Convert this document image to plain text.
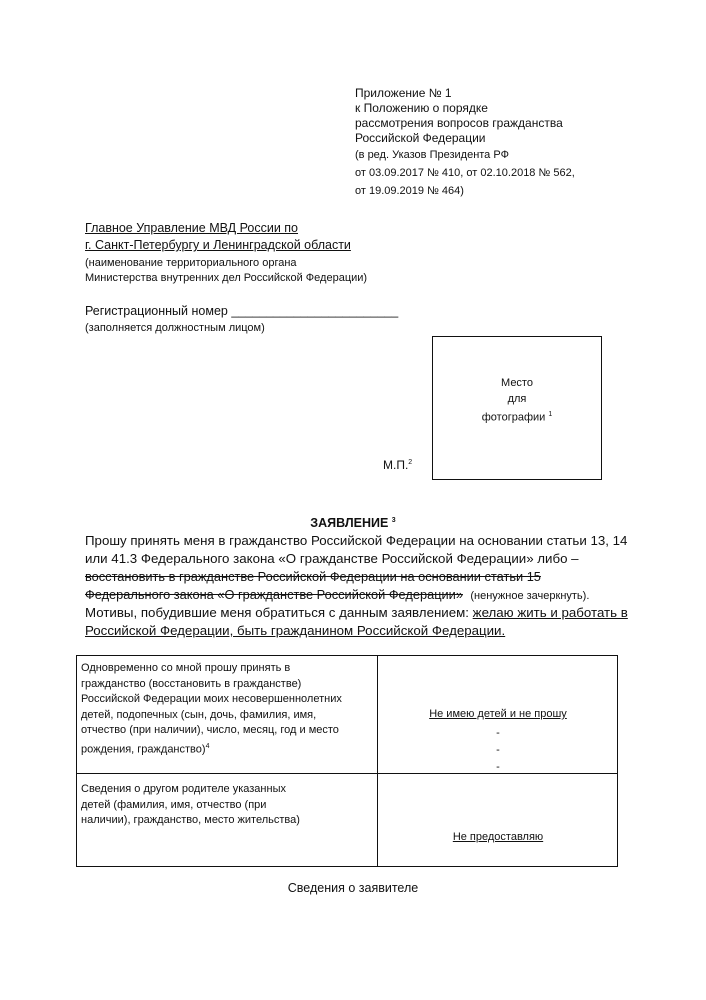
Приложение № 1
к Положению о порядке
рассмотрения вопросов гражданства
Российской Федерации
(в ред. Указов Президента РФ
от 03.09.2017 № 410, от 02.10.2018 № 562,
от 19.09.2019 № 464)
Главное Управление МВД России по
г. Санкт-Петербургу и Ленинградской области
(наименование территориального органа
Министерства внутренних дел Российской Федерации)
Регистрационный номер ________________________
(заполняется должностным лицом)
Место
для
фотографии $^1$
М.П.$^2$
ЗАЯВЛЕНИЕ $^3$
Прошу принять меня в гражданство Российской Федерации на основании статьи 13, 14
или 41.3 Федерального закона «О гражданстве Российской Федерации» либо –
восстановить в гражданстве Российской Федерации на основании статьи 15
Федерального закона «О гражданстве Российской Федерации» (ненужное зачеркнуть).
Мотивы, побудившие меня обратиться с данным заявлением: желаю жить и работать в
Российской Федерации, быть гражданином Российской Федерации.
Одновременно со мной прошу принять в
гражданство (восстановить в гражданстве)
Российской Федерации моих несовершеннолетних
детей, подопечных (сын, дочь, фамилия, имя,
отчество (при наличии), число, месяц, год и место
рождения, гражданство)$^4$
Не имею детей и не прошу
-
-
-
Сведения о другом родителе указанных
детей (фамилия, имя, отчество (при
наличии), гражданство, место жительства)
Не предоставляю
Сведения о заявителе
